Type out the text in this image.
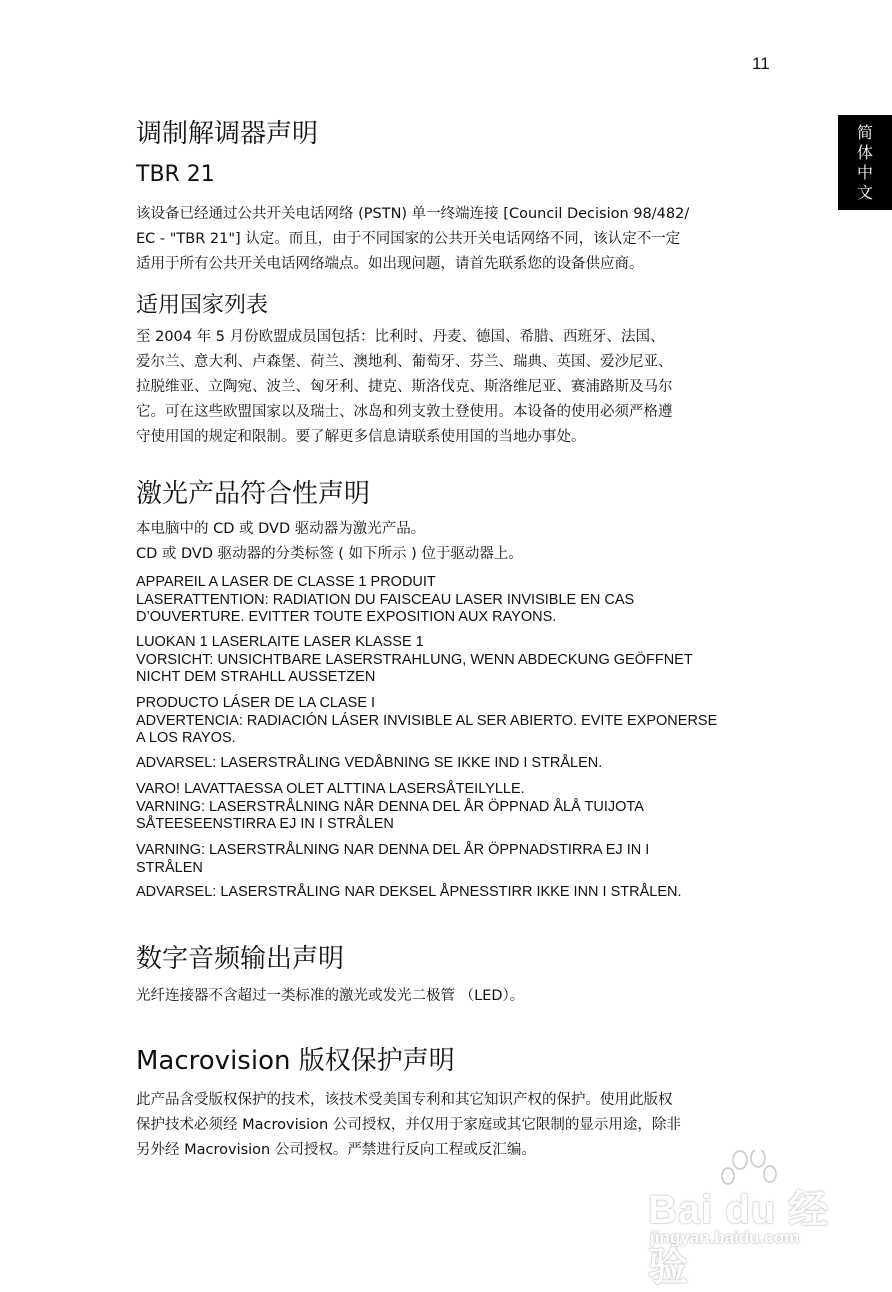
11
简
体
中
文
调制解调器声明
TBR 21

该设备已经通过公共开关电话网络 (PSTN) 单一终端连接 [Council Decision 98/482/
EC - "TBR 21"] 认定。而且，由于不同国家的公共开关电话网络不同，该认定不一定
适用于所有公共开关电话网络端点。如出现问题，请首先联系您的设备供应商。

适用国家列表

至 2004 年 5 月份欧盟成员国包括：比利时、丹麦、德国、希腊、西班牙、法国、
爱尔兰、意大利、卢森堡、荷兰、澳地利、葡萄牙、芬兰、瑞典、英国、爱沙尼亚、
拉脱维亚、立陶宛、波兰、匈牙利、捷克、斯洛伐克、斯洛维尼亚、赛浦路斯及马尔
它。可在这些欧盟国家以及瑞士、冰岛和列支敦士登使用。本设备的使用必须严格遵
守使用国的规定和限制。要了解更多信息请联系使用国的当地办事处。

激光产品符合性声明

本电脑中的 CD 或 DVD 驱动器为激光产品。
CD 或 DVD 驱动器的分类标签 ( 如下所示 ) 位于驱动器上。

APPAREIL A LASER DE CLASSE 1 PRODUIT
LASERATTENTION: RADIATION DU FAISCEAU LASER INVISIBLE EN CAS
D’OUVERTURE. EVITTER TOUTE EXPOSITION AUX RAYONS.
LUOKAN 1 LASERLAITE LASER KLASSE 1
VORSICHT: UNSICHTBARE LASERSTRAHLUNG, WENN ABDECKUNG GEÖFFNET
NICHT DEM STRAHLL AUSSETZEN
PRODUCTO LÁSER DE LA CLASE I
ADVERTENCIA: RADIACIÓN LÁSER INVISIBLE AL SER ABIERTO. EVITE EXPONERSE
A LOS RAYOS.
ADVARSEL: LASERSTRÅLING VEDÅBNING SE IKKE IND I STRÅLEN.
VARO! LAVATTAESSA OLET ALTTINA LASERSÅTEILYLLE.
VARNING: LASERSTRÅLNING NÅR DENNA DEL ÅR ÖPPNAD ÅLÅ TUIJOTA
SÅTEESEENSTIRRA EJ IN I STRÅLEN
VARNING: LASERSTRÅLNING NAR DENNA DEL ÅR ÖPPNADSTIRRA EJ IN I
STRÅLEN
ADVARSEL: LASERSTRÅLING NAR DEKSEL ÅPNESSTIRR IKKE INN I STRÅLEN.
数字音频输出声明

光纤连接器不含超过一类标准的激光或发光二极管 （LED）。

Macrovision 版权保护声明

此产品含受版权保护的技术，该技术受美国专利和其它知识产权的保护。使用此版权
保护技术必须经 Macrovision 公司授权，并仅用于家庭或其它限制的显示用途，除非
另外经 Macrovision 公司授权。严禁进行反向工程或反汇编。

Bai du 经验
jingyan.baidu.com
